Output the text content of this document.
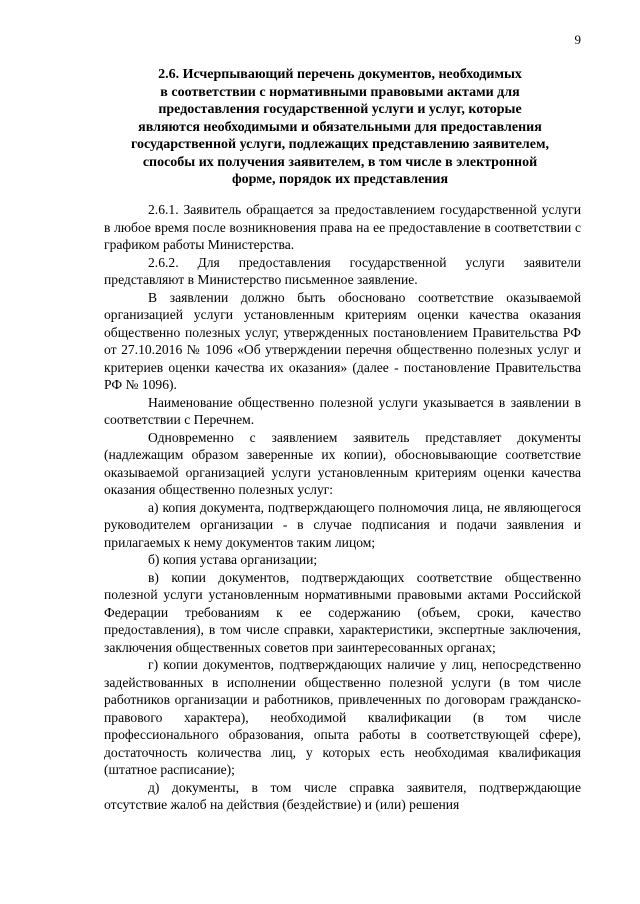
9
2.6. Исчерпывающий перечень документов, необходимых
в соответствии с нормативными правовыми актами для
предоставления государственной услуги и услуг, которые
являются необходимыми и обязательными для предоставления
государственной услуги, подлежащих представлению заявителем,
способы их получения заявителем, в том числе в электронной
форме, порядок их представления

2.6.1. Заявитель обращается за предоставлением государственной услуги в любое время после возникновения права на ее предоставление в соответствии с графиком работы Министерства.

2.6.2. Для предоставления государственной услуги заявители представляют в Министерство письменное заявление.

В заявлении должно быть обосновано соответствие оказываемой организацией услуги установленным критериям оценки качества оказания общественно полезных услуг, утвержденных постановлением Правительства РФ от 27.10.2016 № 1096 «Об утверждении перечня общественно полезных услуг и критериев оценки качества их оказания» (далее - постановление Правительства РФ № 1096).

Наименование общественно полезной услуги указывается в заявлении в соответствии с Перечнем.

Одновременно с заявлением заявитель представляет документы (надлежащим образом заверенные их копии), обосновывающие соответствие оказываемой организацией услуги установленным критериям оценки качества оказания общественно полезных услуг:

а) копия документа, подтверждающего полномочия лица, не являющегося руководителем организации - в случае подписания и подачи заявления и прилагаемых к нему документов таким лицом;

б) копия устава организации;

в) копии документов, подтверждающих соответствие общественно полезной услуги установленным нормативными правовыми актами Российской Федерации требованиям к ее содержанию (объем, сроки, качество предоставления), в том числе справки, характеристики, экспертные заключения, заключения общественных советов при заинтересованных органах;

г) копии документов, подтверждающих наличие у лиц, непосредственно задействованных в исполнении общественно полезной услуги (в том числе работников организации и работников, привлеченных по договорам гражданско-правового характера), необходимой квалификации (в том числе профессионального образования, опыта работы в соответствующей сфере), достаточность количества лиц, у которых есть необходимая квалификация (штатное расписание);

д) документы, в том числе справка заявителя, подтверждающие отсутствие жалоб на действия (бездействие) и (или) решения
